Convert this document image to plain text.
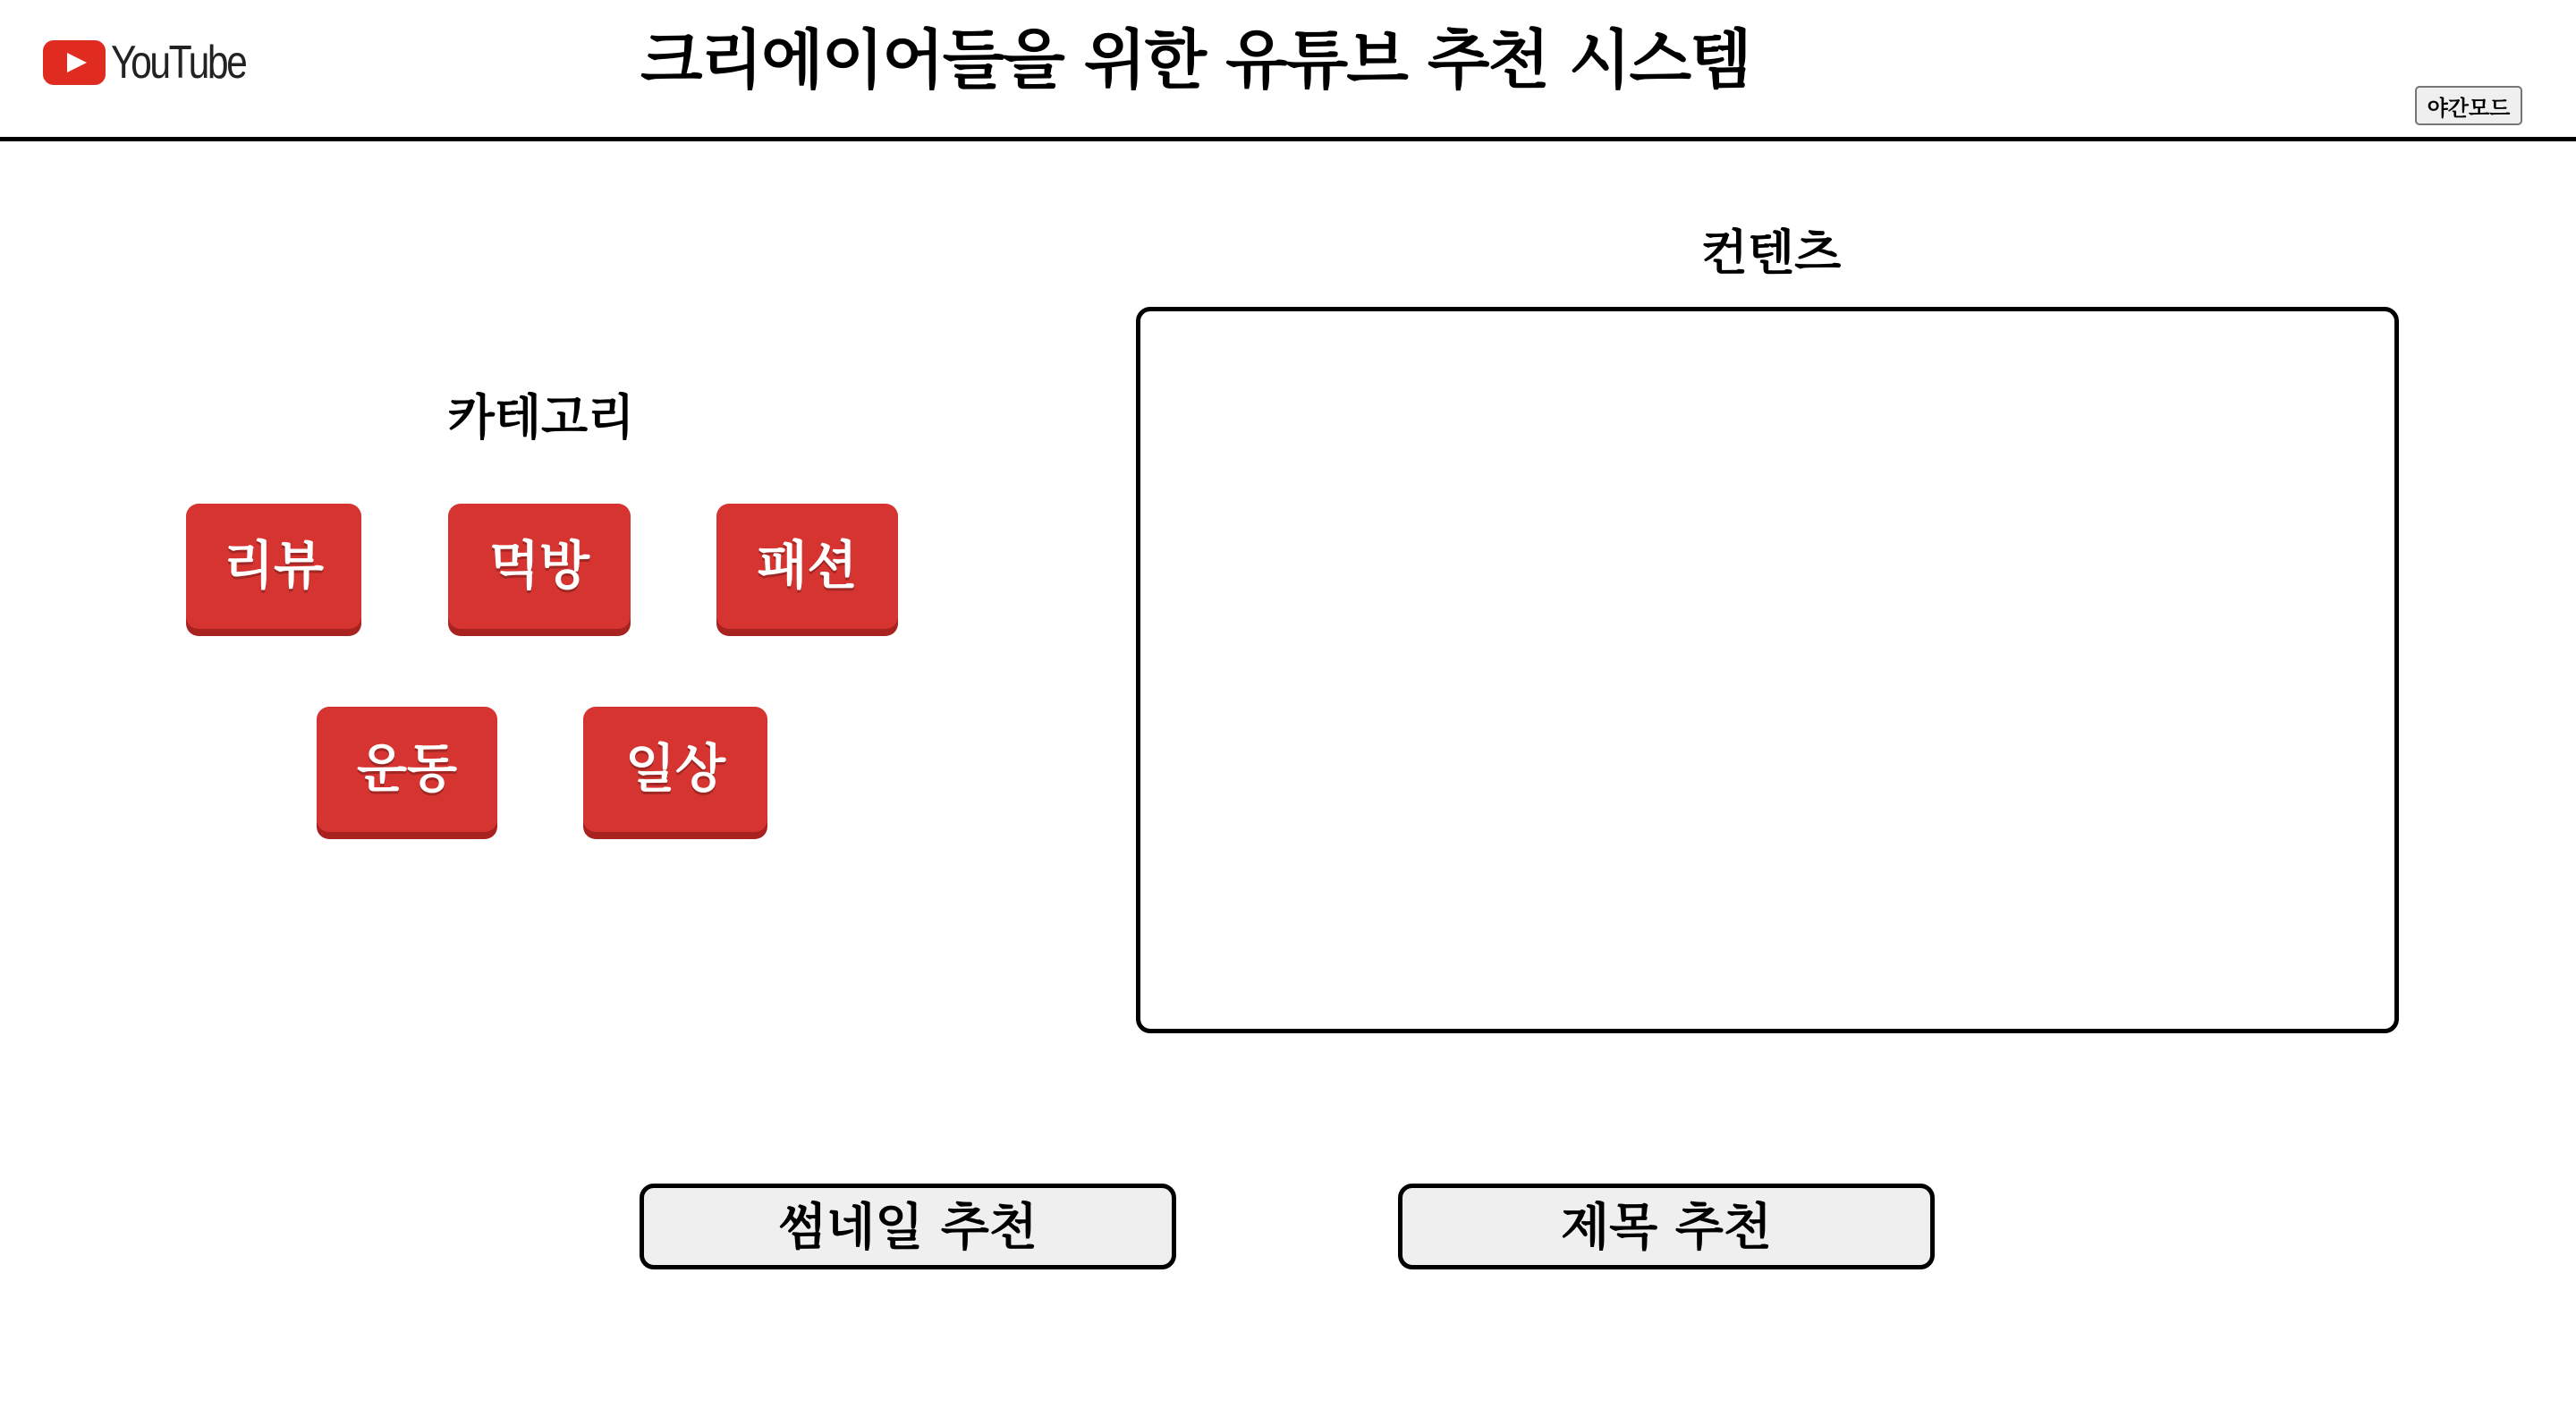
YouTube	크리에이어들을 위한 유튜브 추천 시스템
야간모드
카테고리
리뷰	먹방	패션
운동	일상
컨텐츠
썸네일 추천	제목 추천
